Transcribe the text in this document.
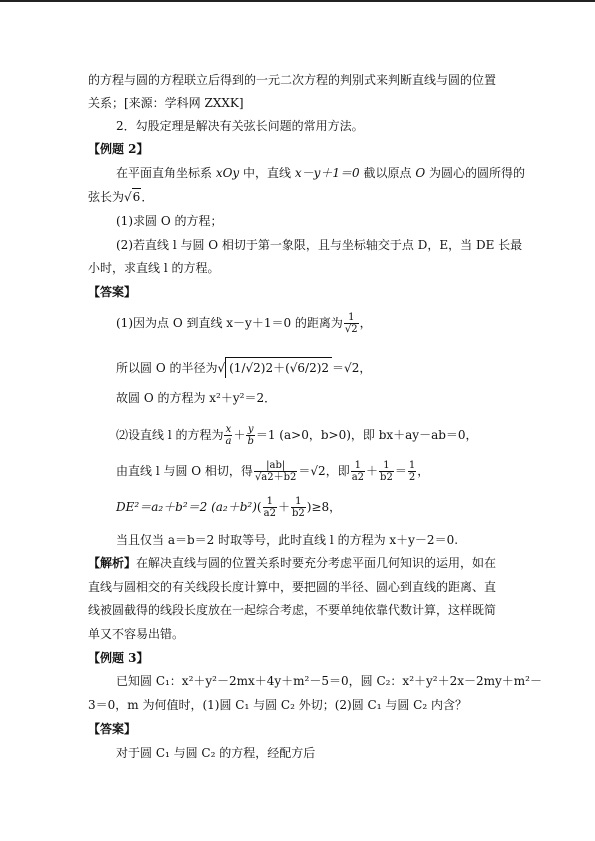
的方程与圆的方程联立后得到的一元二次方程的判别式来判断直线与圆的位置
关系；[来源：学科网 ZXXK]
2．勾股定理是解决有关弦长问题的常用方法。
【例题 2】
在平面直角坐标系 xOy 中，直线 x－y＋1＝0 截以原点 O 为圆心的圆所得的
弦长为√6．
(1)求圆 O 的方程；
(2)若直线 l 与圆 O 相切于第一象限，且与坐标轴交于点 D，E，当 DE 长最
小时，求直线 l 的方程。
【答案】
(1)因为点 O 到直线 x－y＋1＝0 的距离为 $\frac{1}{√2}$ ，
所以圆 O 的半径为√ (1/√2)2＋(√6/2)2 ＝√2，
故圆 O 的方程为 x²＋y²＝2．
⑵设直线 l 的方程为 $\frac{x}{a} + \frac{y}{b} =1$ (a>0，b>0)，即 bx＋ay－ab＝0，
由直线 l 与圆 O 相切，得 $\frac{|ab|}{√a2+b2} =√2$，即 $\frac{1}{a2} + \frac{1}{b2} = \frac{1}{2}$ ，
DE²＝a₂＋b²＝2 $(a_2+b^2)( \frac{1}{a2} + \frac{1}{b2} )\ge 8$，
当且仅当 a＝b＝2 时取等号，此时直线 l 的方程为 x＋y－2＝0.
【解析】在解决直线与圆的位置关系时要充分考虑平面几何知识的运用，如在
直线与圆相交的有关线段长度计算中，要把圆的半径、圆心到直线的距离、直
线被圆截得的线段长度放在一起综合考虑，不要单纯依靠代数计算，这样既简
单又不容易出错。
【例题 3】
已知圆 C₁：x²＋y²－2mx＋4y＋m²－5＝0，圆 C₂：x²＋y²＋2x－2my＋m²－
3＝0，m 为何值时，(1)圆 C₁ 与圆 C₂ 外切；(2)圆 C₁ 与圆 C₂ 内含？
【答案】
对于圆 C₁ 与圆 C₂ 的方程，经配方后
